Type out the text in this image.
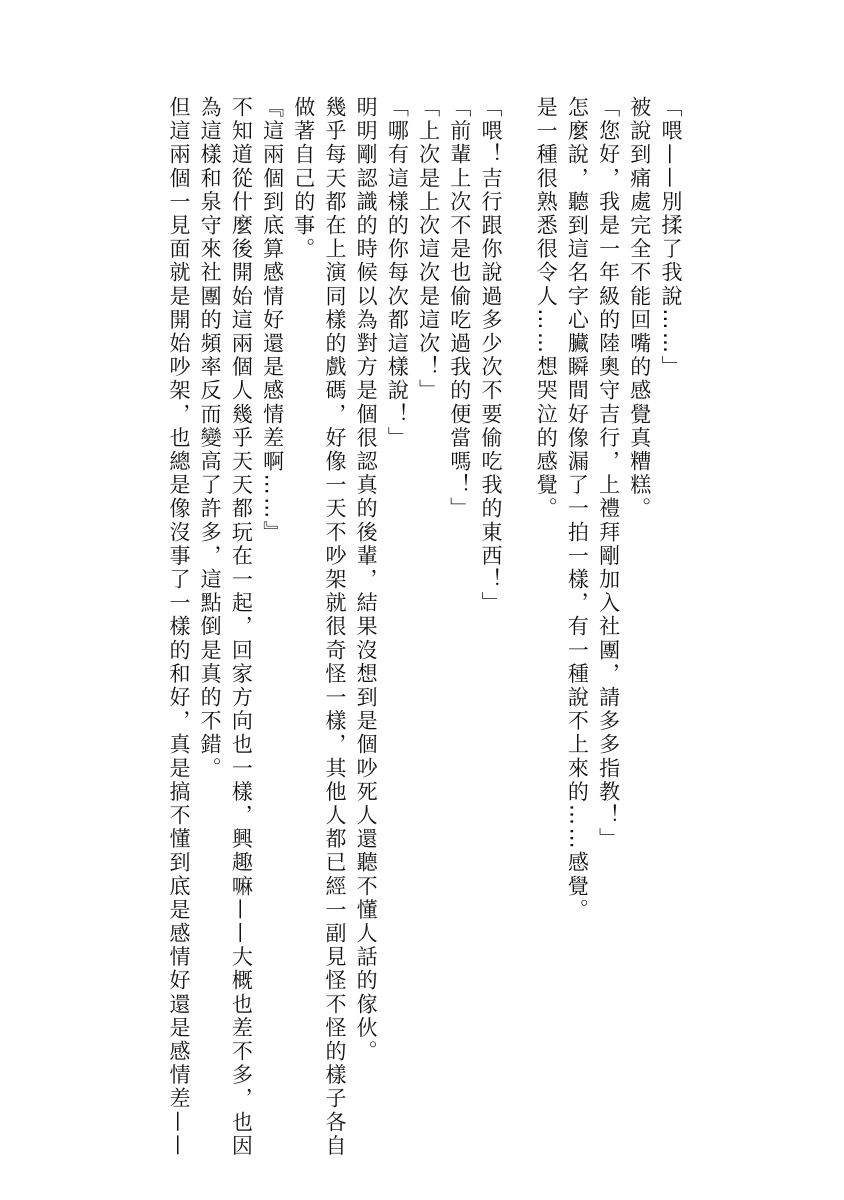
「喂——別揉了我說……」

被說到痛處完全不能回嘴的感覺真糟糕。

「您好，我是一年級的陸奧守吉行，上禮拜剛加入社團，請多多指教！」

怎麼說，聽到這名字心臟瞬間好像漏了一拍一樣，有一種說不上來的……感覺。

是一種很熟悉很令人……想哭泣的感覺。

「喂！吉行跟你說過多少次不要偷吃我的東西！」

「前輩上次不是也偷吃過我的便當嗎！」

「上次是上次這次是這次！」

「哪有這樣的你每次都這樣說！」

明明剛認識的時候以為對方是個很認真的後輩，結果沒想到是個吵死人還聽不懂人話的傢伙。

幾乎每天都在上演同樣的戲碼，好像一天不吵架就很奇怪一樣，其他人都已經一副見怪不怪的樣子各自

做著自己的事。

『這兩個到底算感情好還是感情差啊……』

不知道從什麼後開始這兩個人幾乎天天都玩在一起，回家方向也一樣，興趣嘛——大概也差不多，也因

為這樣和泉守來社團的頻率反而變高了許多，這點倒是真的不錯。

但這兩個一見面就是開始吵架，也總是像沒事了一樣的和好，真是搞不懂到底是感情好還是感情差——
